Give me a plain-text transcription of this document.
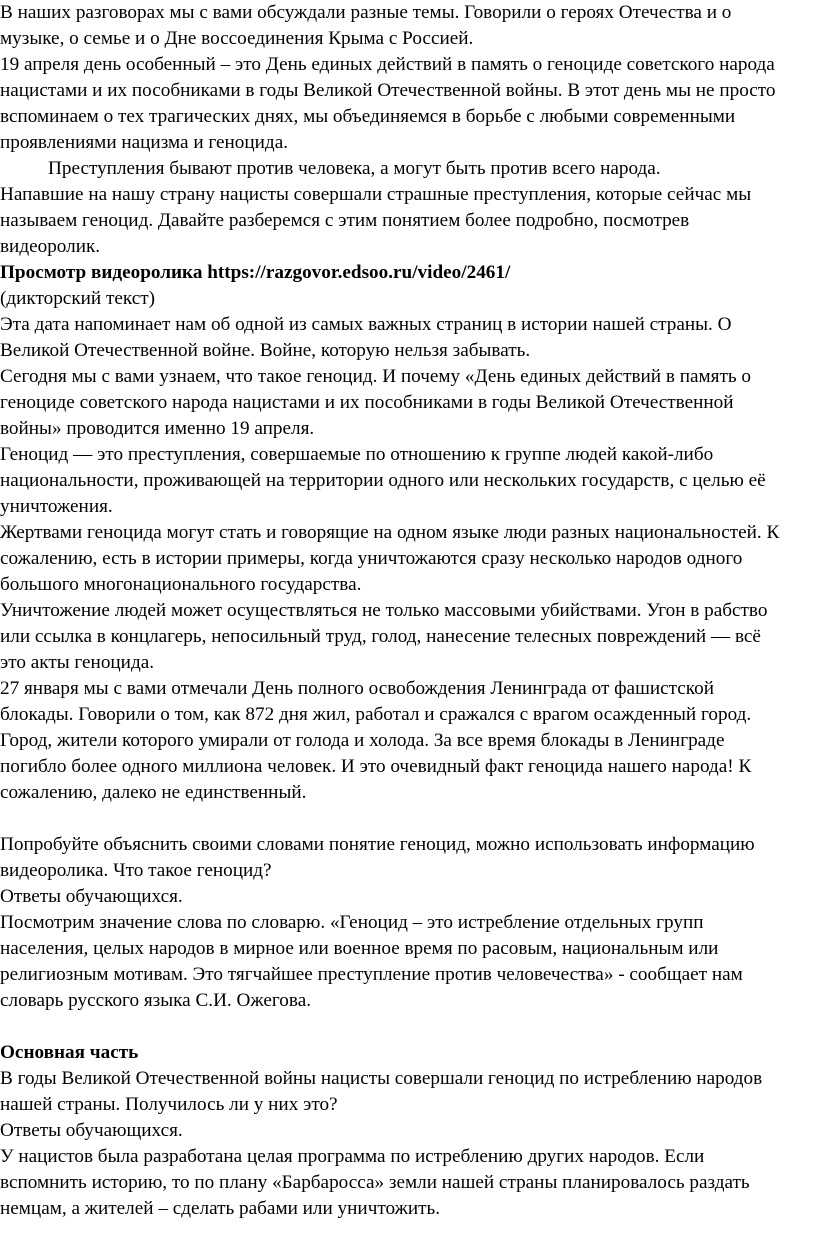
В наших разговорах мы с вами обсуждали разные темы. Говорили о героях Отечества и о
музыке, о семье и о Дне воссоединения Крыма с Россией.
19 апреля день особенный – это День единых действий в память о геноциде советского народа
нацистами и их пособниками в годы Великой Отечественной войны. В этот день мы не просто
вспоминаем о тех трагических днях, мы объединяемся в борьбе с любыми современными
проявлениями нацизма и геноцида.
Преступления бывают против человека, а могут быть против всего народа.
Напавшие на нашу страну нацисты совершали страшные преступления, которые сейчас мы
называем геноцид. Давайте разберемся с этим понятием более подробно, посмотрев
видеоролик.
Просмотр видеоролика https://razgovor.edsoo.ru/video/2461/
(дикторский текст)
Эта дата напоминает нам об одной из самых важных страниц в истории нашей страны. О
Великой Отечественной войне. Войне, которую нельзя забывать.
Сегодня мы с вами узнаем, что такое геноцид. И почему «День единых действий в память о
геноциде советского народа нацистами и их пособниками в годы Великой Отечественной
войны» проводится именно 19 апреля.
Геноцид — это преступления, совершаемые по отношению к группе людей какой-либо
национальности, проживающей на территории одного или нескольких государств, с целью её
уничтожения.
Жертвами геноцида могут стать и говорящие на одном языке люди разных национальностей. К
сожалению, есть в истории примеры, когда уничтожаются сразу несколько народов одного
большого многонационального государства.
Уничтожение людей может осуществляться не только массовыми убийствами. Угон в рабство
или ссылка в концлагерь, непосильный труд, голод, нанесение телесных повреждений — всё
это акты геноцида.
27 января мы с вами отмечали День полного освобождения Ленинграда от фашистской
блокады. Говорили о том, как 872 дня жил, работал и сражался с врагом осажденный город.
Город, жители которого умирали от голода и холода. За все время блокады в Ленинграде
погибло более одного миллиона человек. И это очевидный факт геноцида нашего народа! К
сожалению, далеко не единственный.
Попробуйте объяснить своими словами понятие геноцид, можно использовать информацию
видеоролика. Что такое геноцид?
Ответы обучающихся.
Посмотрим значение слова по словарю. «Геноцид – это истребление отдельных групп
населения, целых народов в мирное или военное время по расовым, национальным или
религиозным мотивам. Это тягчайшее преступление против человечества» - сообщает нам
словарь русского языка С.И. Ожегова.
Основная часть
В годы Великой Отечественной войны нацисты совершали геноцид по истреблению народов
нашей страны. Получилось ли у них это?
Ответы обучающихся.
У нацистов была разработана целая программа по истреблению других народов. Если
вспомнить историю, то по плану «Барбаросса» земли нашей страны планировалось раздать
немцам, а жителей – сделать рабами или уничтожить.
